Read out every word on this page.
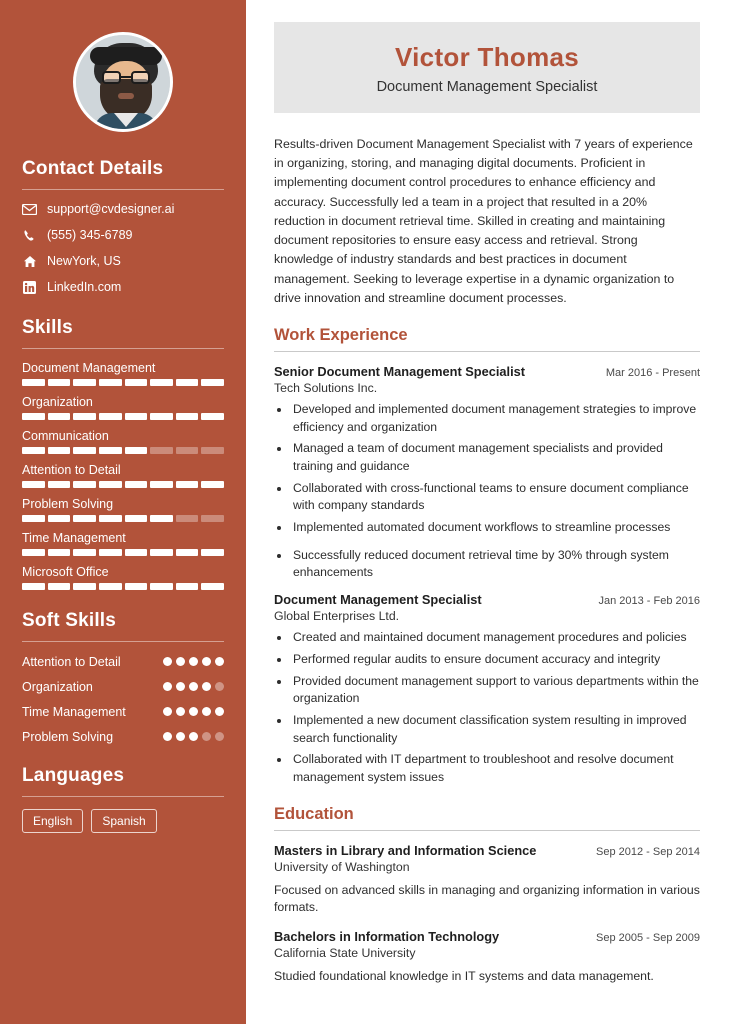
Contact Details
support@cvdesigner.ai
(555) 345-6789
NewYork, US
LinkedIn.com
Skills
Document Management
Organization
Communication
Attention to Detail
Problem Solving
Time Management
Microsoft Office
Soft Skills
Attention to Detail
Organization
Time Management
Problem Solving
Languages
English	Spanish
Victor Thomas
Document Management Specialist

Results-driven Document Management Specialist with 7 years of experience in organizing, storing, and managing digital documents. Proficient in implementing document control procedures to enhance efficiency and accuracy. Successfully led a team in a project that resulted in a 20% reduction in document retrieval time. Skilled in creating and maintaining document repositories to ensure easy access and retrieval. Strong knowledge of industry standards and best practices in document management. Seeking to leverage expertise in a dynamic organization to drive innovation and streamline document processes.

Work Experience
Senior Document Management Specialist	Mar 2016 - Present
Tech Solutions Inc.
• Developed and implemented document management strategies to improve efficiency and organization
• Managed a team of document management specialists and provided training and guidance
• Collaborated with cross-functional teams to ensure document compliance with company standards
• Implemented automated document workflows to streamline processes
• Successfully reduced document retrieval time by 30% through system enhancements
Document Management Specialist	Jan 2013 - Feb 2016
Global Enterprises Ltd.
• Created and maintained document management procedures and policies
• Performed regular audits to ensure document accuracy and integrity
• Provided document management support to various departments within the organization
• Implemented a new document classification system resulting in improved search functionality
• Collaborated with IT department to troubleshoot and resolve document management system issues
Education
Masters in Library and Information Science	Sep 2012 - Sep 2014
University of Washington
Focused on advanced skills in managing and organizing information in various formats.
Bachelors in Information Technology	Sep 2005 - Sep 2009
California State University
Studied foundational knowledge in IT systems and data management.
